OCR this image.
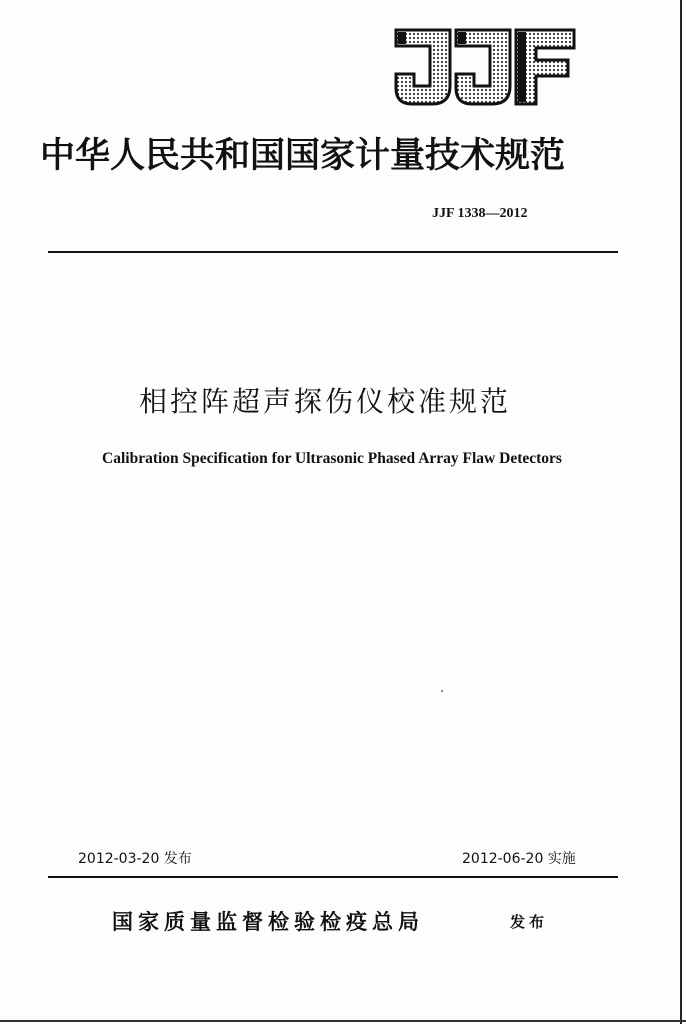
中华人民共和国国家计量技术规范
JJF 1338—2012
相控阵超声探伤仪校准规范
Calibration Specification for Ultrasonic Phased Array Flaw Detectors
2012-03-20 发布	2012-06-20 实施
国家质量监督检验检疫总局	发布
